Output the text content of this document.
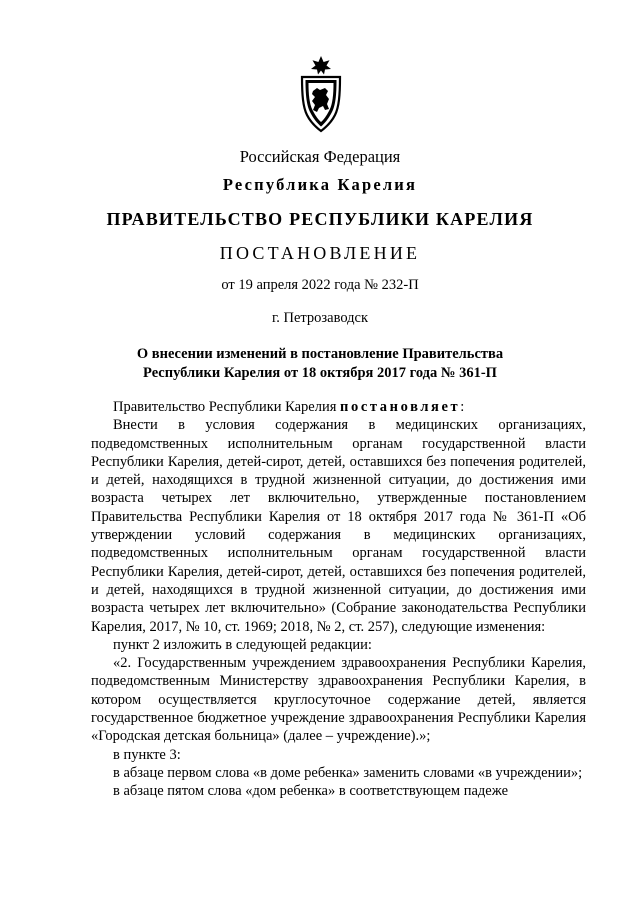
Российская Федерация
Республика Карелия
ПРАВИТЕЛЬСТВО РЕСПУБЛИКИ КАРЕЛИЯ
ПОСТАНОВЛЕНИЕ
от 19 апреля 2022 года № 232-П
г. Петрозаводск
О внесении изменений в постановление Правительства
Республики Карелия от 18 октября 2017 года № 361-П

Правительство Республики Карелия постановляет:

Внести в условия содержания в медицинских организациях, подведомственных исполнительным органам государственной власти Республики Карелия, детей-сирот, детей, оставшихся без попечения родителей, и детей, находящихся в трудной жизненной ситуации, до достижения ими возраста четырех лет включительно, утвержденные постановлением Правительства Республики Карелия от 18 октября 2017 года № 361-П «Об утверждении условий содержания в медицинских организациях, подведомственных исполнительным органам государственной власти Республики Карелия, детей-сирот, детей, оставшихся без попечения родителей, и детей, находящихся в трудной жизненной ситуации, до достижения ими возраста четырех лет включительно» (Собрание законодательства Республики Карелия, 2017, № 10, ст. 1969; 2018, № 2, ст. 257), следующие изменения:

пункт 2 изложить в следующей редакции:

«2. Государственным учреждением здравоохранения Республики Карелия, подведомственным Министерству здравоохранения Республики Карелия, в котором осуществляется круглосуточное содержание детей, является государственное бюджетное учреждение здравоохранения Республики Карелия «Городская детская больница» (далее – учреждение).»;

в пункте 3:

в абзаце первом слова «в доме ребенка» заменить словами «в учреждении»;

в абзаце пятом слова «дом ребенка» в соответствующем падеже
